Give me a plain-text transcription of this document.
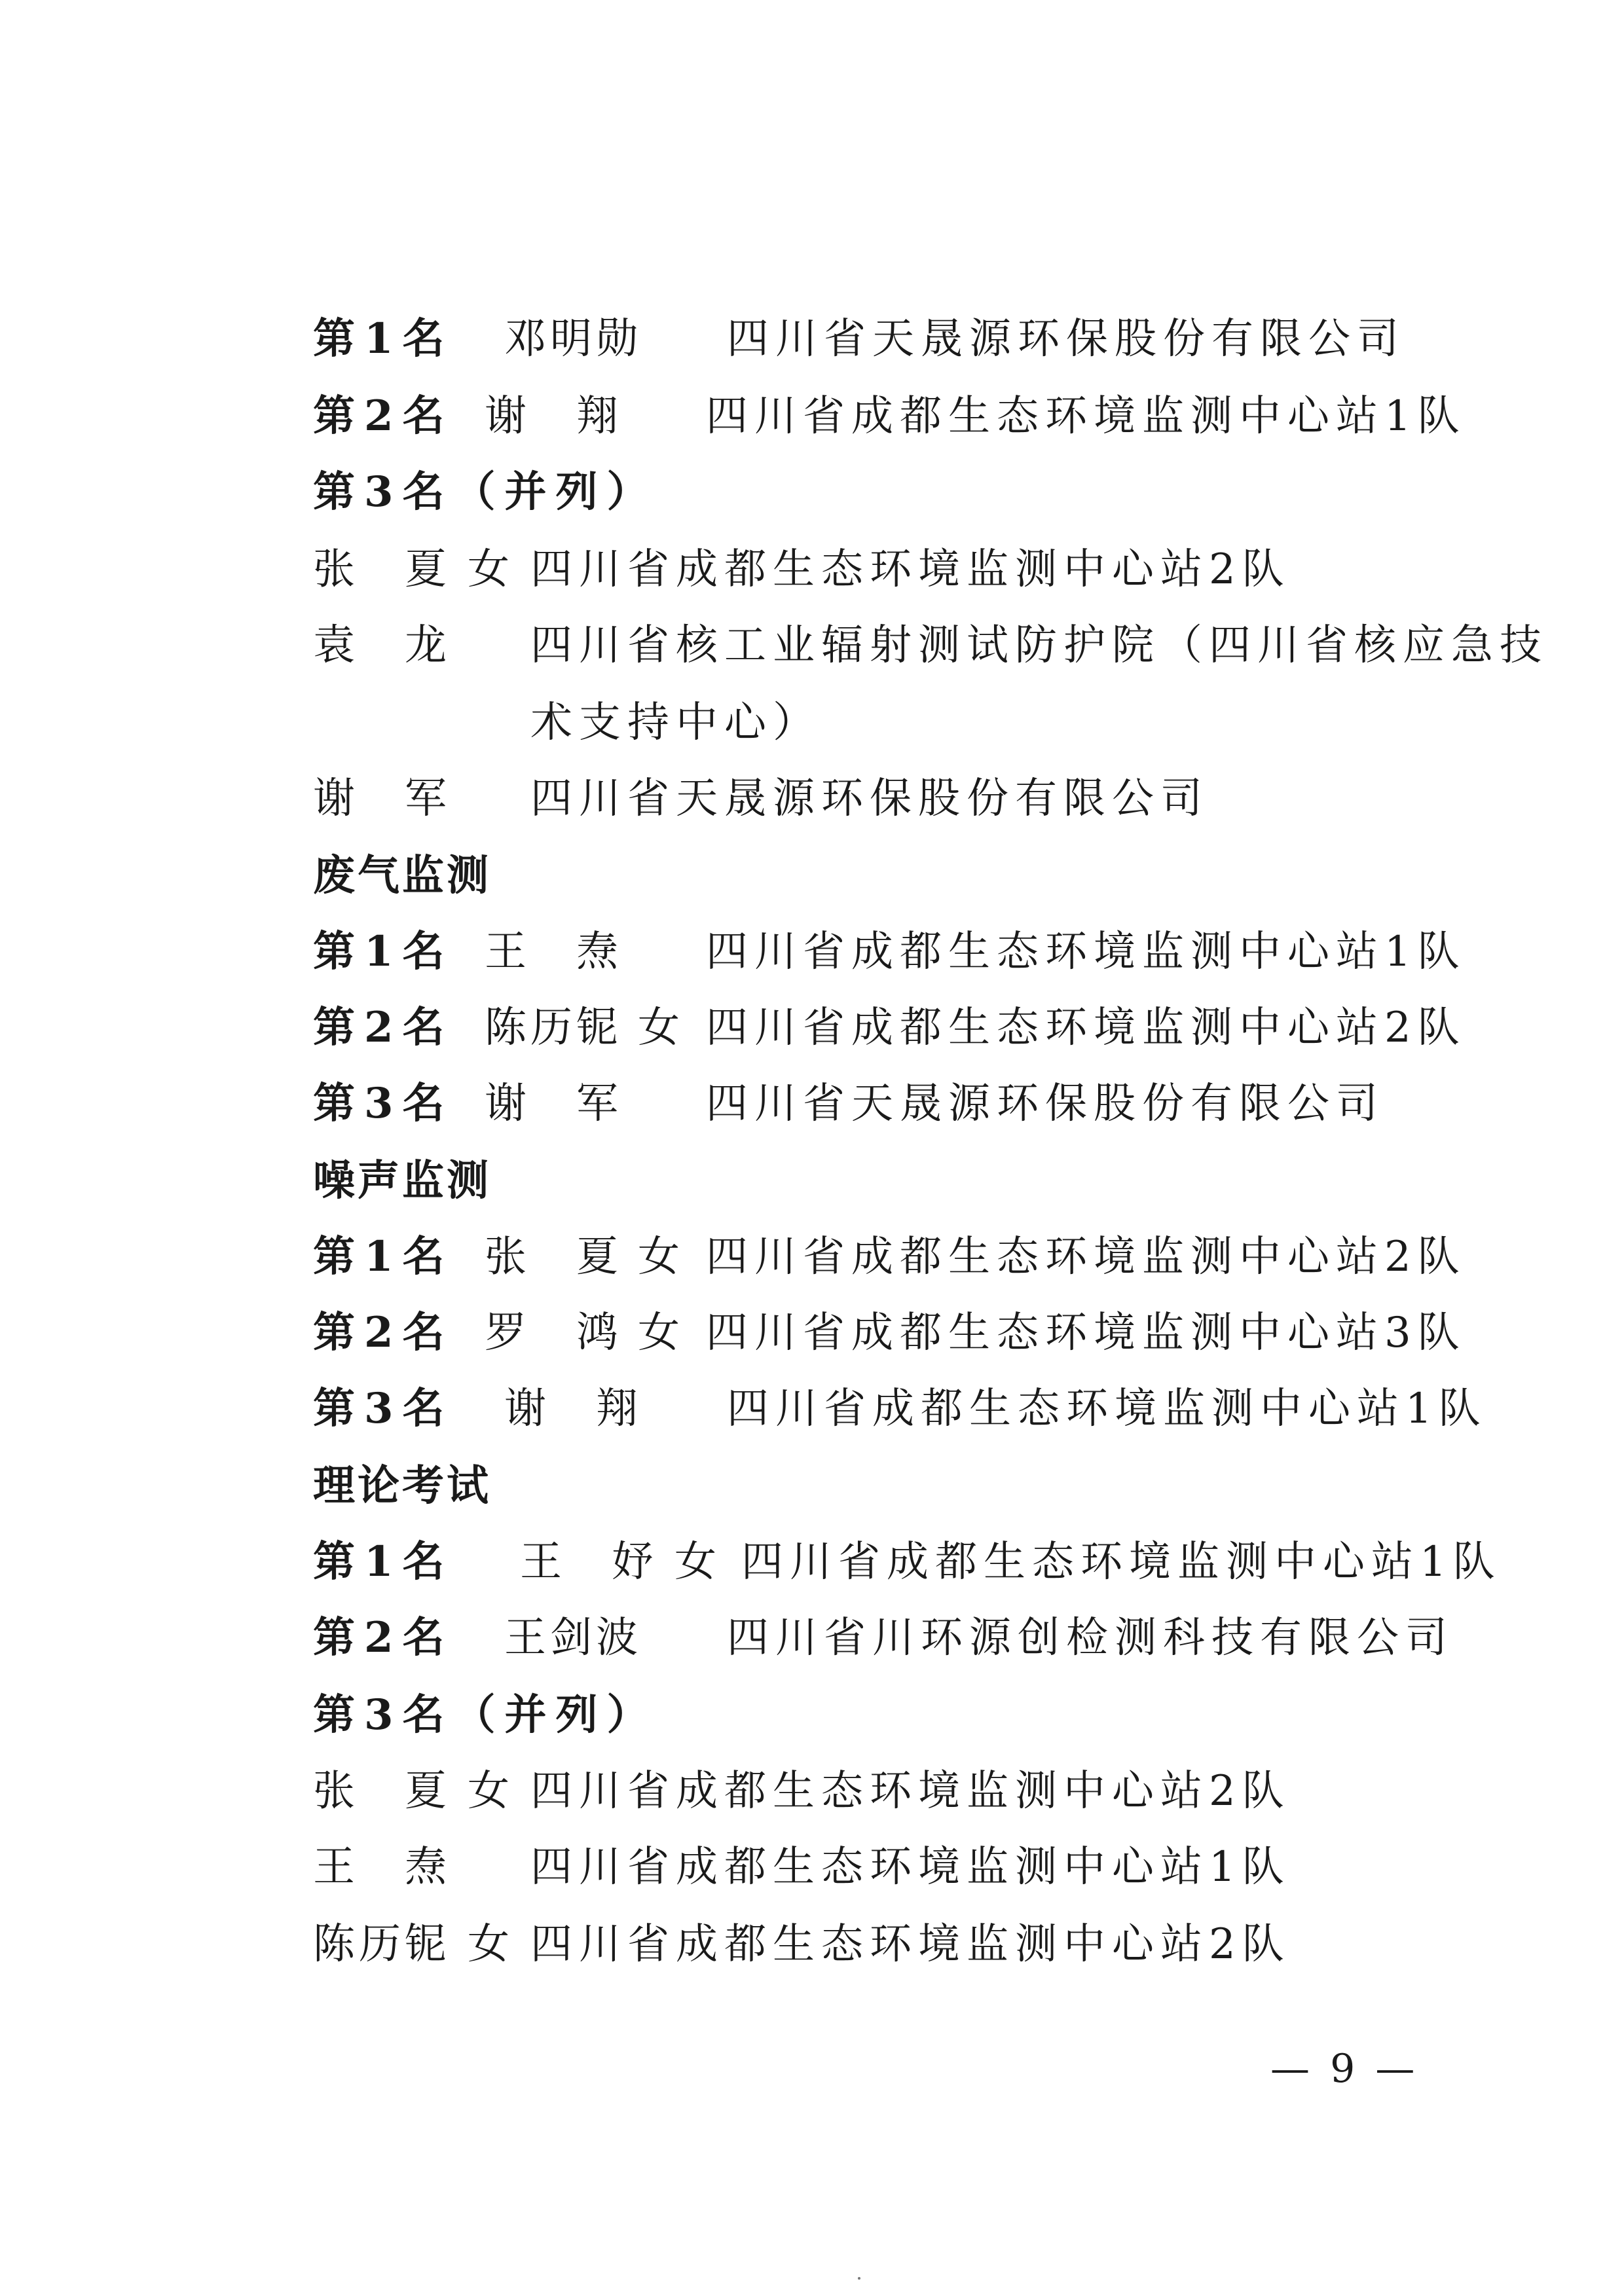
第1名 邓明勋 四川省天晟源环保股份有限公司
第2名 谢　翔 四川省成都生态环境监测中心站1队
第3名（并列）
张　夏 女 四川省成都生态环境监测中心站2队
袁　龙 四川省核工业辐射测试防护院（四川省核应急技
术支持中心）
谢　军 四川省天晟源环保股份有限公司
废气监测
第1名 王　焘 四川省成都生态环境监测中心站1队
第2名 陈历铌 女 四川省成都生态环境监测中心站2队
第3名 谢　军 四川省天晟源环保股份有限公司
噪声监测
第1名 张　夏 女 四川省成都生态环境监测中心站2队
第2名 罗　鸿 女 四川省成都生态环境监测中心站3队
第3名 谢　翔 四川省成都生态环境监测中心站1队
理论考试
第1名 王　妤 女 四川省成都生态环境监测中心站1队
第2名 王剑波 四川省川环源创检测科技有限公司
第3名（并列）
张　夏 女 四川省成都生态环境监测中心站2队
王　焘 四川省成都生态环境监测中心站1队
陈历铌 女 四川省成都生态环境监测中心站2队
— 9 —
